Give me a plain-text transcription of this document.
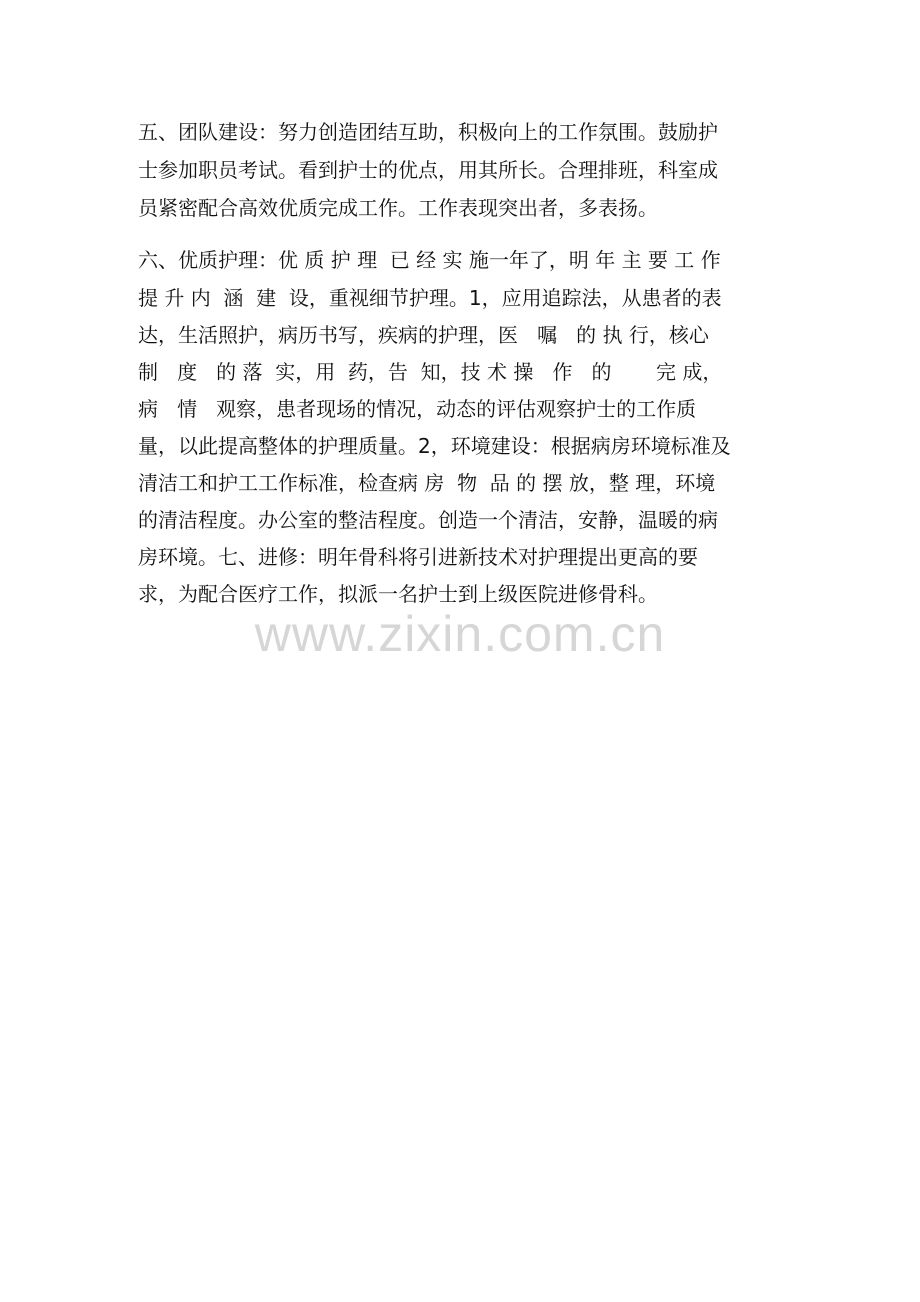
五、团队建设：努力创造团结互助，积极向上的工作氛围。鼓励护
士参加职员考试。看到护士的优点，用其所长。合理排班，科室成
员紧密配合高效优质完成工作。工作表现突出者，多表扬。
六、优质护理：优 质 护 理  已 经 实 施一年了，明 年 主 要 工 作
提 升 内  涵  建  设，重视细节护理。1，应用追踪法，从患者的表
达，生活照护，病历书写，疾病的护理，医   嘱   的 执 行，核心
制   度   的 落  实，用  药，告  知，技 术 操   作   的       完 成，
病   情   观察，患者现场的情况，动态的评估观察护士的工作质
量，以此提高整体的护理质量。2，环境建设：根据病房环境标准及
清洁工和护工工作标准，检查病 房  物  品 的 摆 放，整 理，环境
的清洁程度。办公室的整洁程度。创造一个清洁，安静，温暖的病
房环境。七、进修：明年骨科将引进新技术对护理提出更高的要
求，为配合医疗工作，拟派一名护士到上级医院进修骨科。
www.zixin.com.cn
